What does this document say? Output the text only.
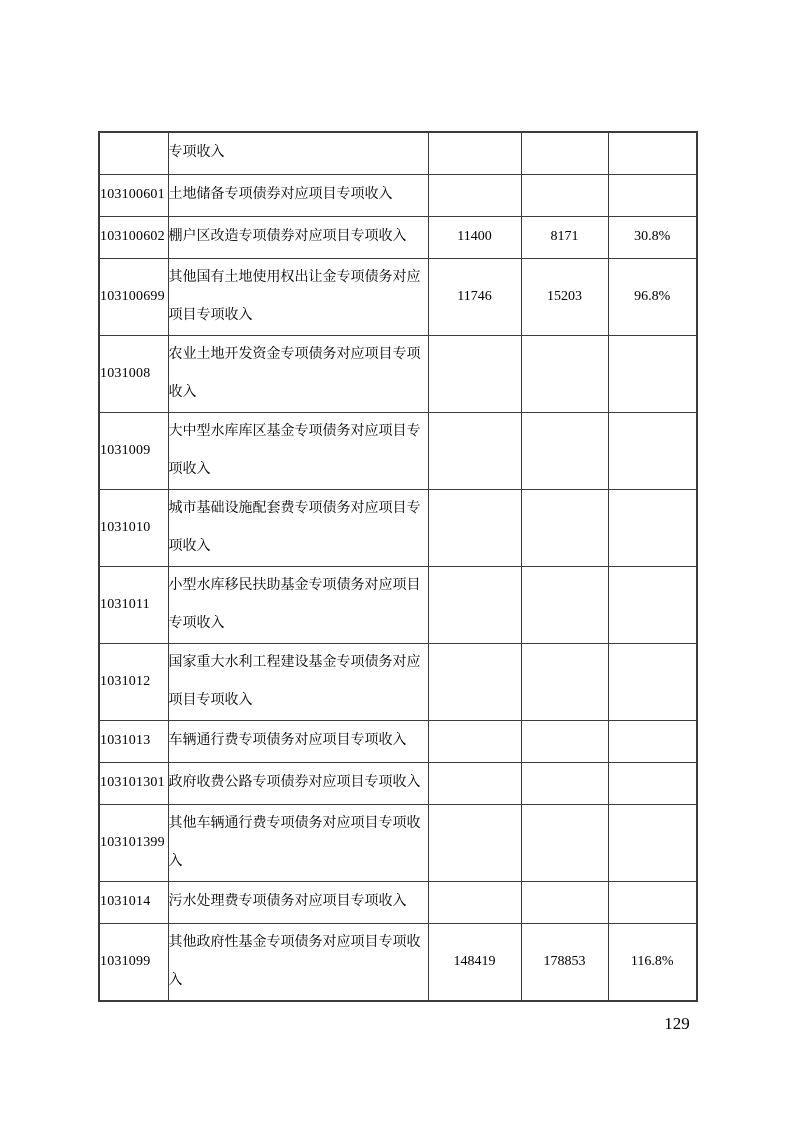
	专项收入			
103100601	土地储备专项债券对应项目专项收入			
103100602	棚户区改造专项债券对应项目专项收入	11400	8171	30.8%
103100699	其他国有土地使用权出让金专项债务对应项目专项收入	11746	15203	96.8%
1031008	农业土地开发资金专项债务对应项目专项收入			
1031009	大中型水库库区基金专项债务对应项目专项收入			
1031010	城市基础设施配套费专项债务对应项目专项收入			
1031011	小型水库移民扶助基金专项债务对应项目专项收入			
1031012	国家重大水利工程建设基金专项债务对应项目专项收入			
1031013	车辆通行费专项债务对应项目专项收入			
103101301	政府收费公路专项债券对应项目专项收入			
103101399	其他车辆通行费专项债务对应项目专项收入			
1031014	污水处理费专项债务对应项目专项收入			
1031099	其他政府性基金专项债务对应项目专项收入	148419	178853	116.8%
129
